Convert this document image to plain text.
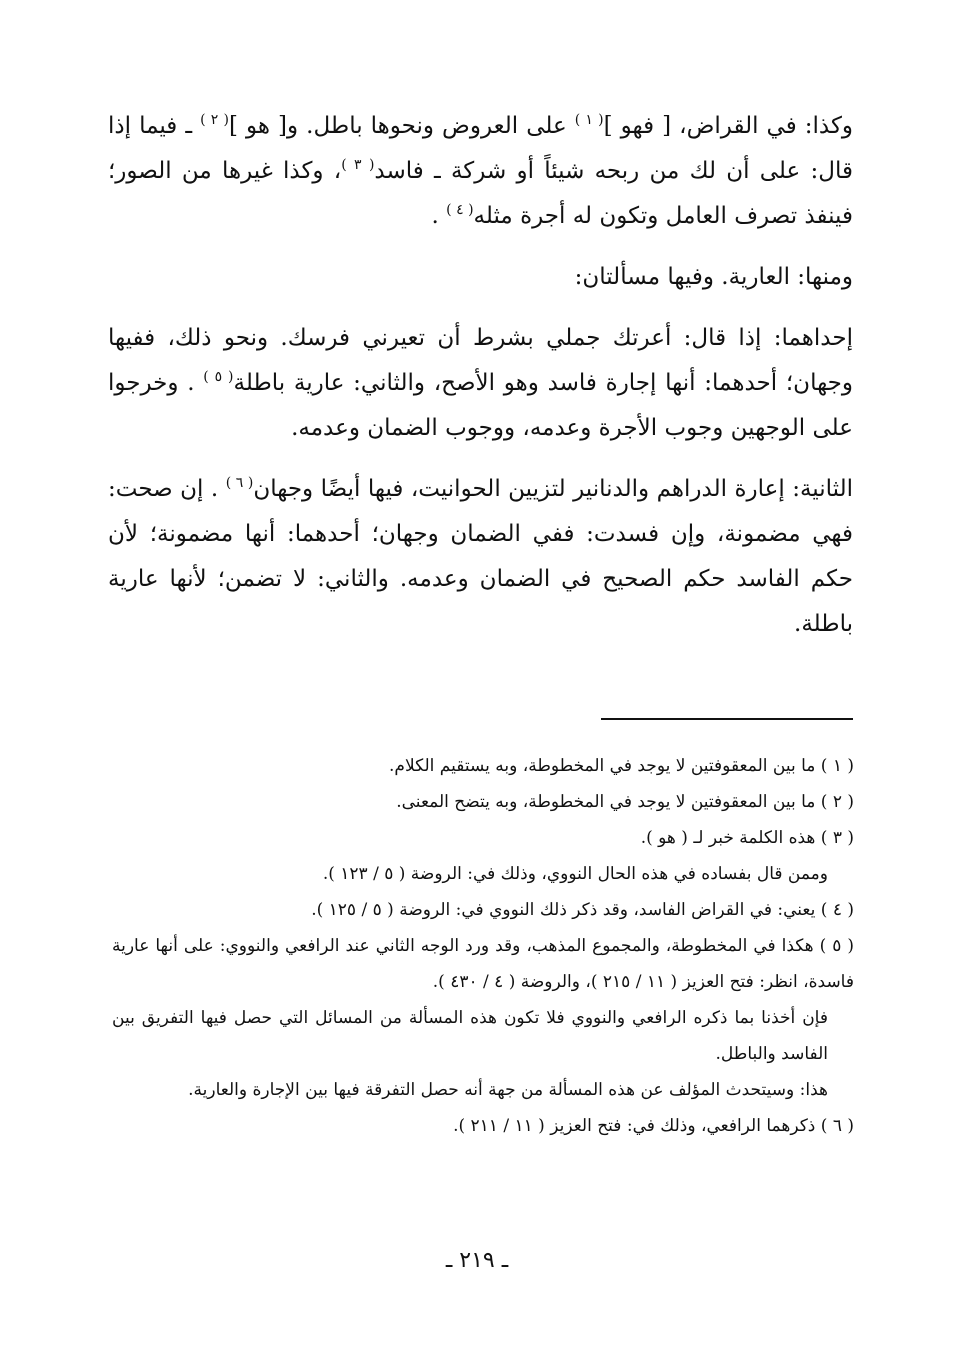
وكذا: في القراض، [ فهو ]$^{( ١ )}$ على العروض ونحوها باطل. و[ هو ]$^{( ٢ )}$ ـ فيما إذا قال: على أن لك من ربحه شيئاً أو شركة ـ فاسد$^{( ٣ )}$، وكذا غيرها من الصور؛ فينفذ تصرف العامل وتكون له أجرة مثله$^{( ٤ )}$ .

ومنها: العارية. وفيها مسألتان:

إحداهما: إذا قال: أعرتك جملي بشرط أن تعيرني فرسك. ونحو ذلك، ففيها وجهان؛ أحدهما: أنها إجارة فاسد وهو الأصح، والثاني: عارية باطلة$^{( ٥ )}$ . وخرجوا على الوجهين وجوب الأجرة وعدمه، ووجوب الضمان وعدمه.

الثانية: إعارة الدراهم والدنانير لتزيين الحوانيت، فيها أيضًا وجهان$^{( ٦ )}$ . إن صحت: فهي مضمونة، وإن فسدت: ففي الضمان وجهان؛ أحدهما: أنها مضمونة؛ لأن حكم الفاسد حكم الصحيح في الضمان وعدمه. والثاني: لا تضمن؛ لأنها عارية باطلة.

( ١ ) ما بين المعقوفتين لا يوجد في المخطوطة، وبه يستقيم الكلام.

( ٢ ) ما بين المعقوفتين لا يوجد في المخطوطة، وبه يتضح المعنى.

( ٣ ) هذه الكلمة خبر لـ ( هو ).

وممن قال بفساده في هذه الحال النووي، وذلك في: الروضة ( ٥ / ١٢٣ ).

( ٤ ) يعني: في القراض الفاسد، وقد ذكر ذلك النووي في: الروضة ( ٥ / ١٢٥ ).

( ٥ ) هكذا في المخطوطة، والمجموع المذهب، وقد ورد الوجه الثاني عند الرافعي والنووي: على أنها عارية فاسدة، انظر: فتح العزيز ( ١١ / ٢١٥ )، والروضة ( ٤ / ٤٣٠ ).

فإن أخذنا بما ذكره الرافعي والنووي فلا تكون هذه المسألة من المسائل التي حصل فيها التفريق بين الفاسد والباطل.

هذا: وسيتحدث المؤلف عن هذه المسألة من جهة أنه حصل التفرقة فيها بين الإجارة والعارية.

( ٦ ) ذكرهما الرافعي، وذلك في: فتح العزيز ( ١١ / ٢١١ ).

ـ ٢١٩ ـ
